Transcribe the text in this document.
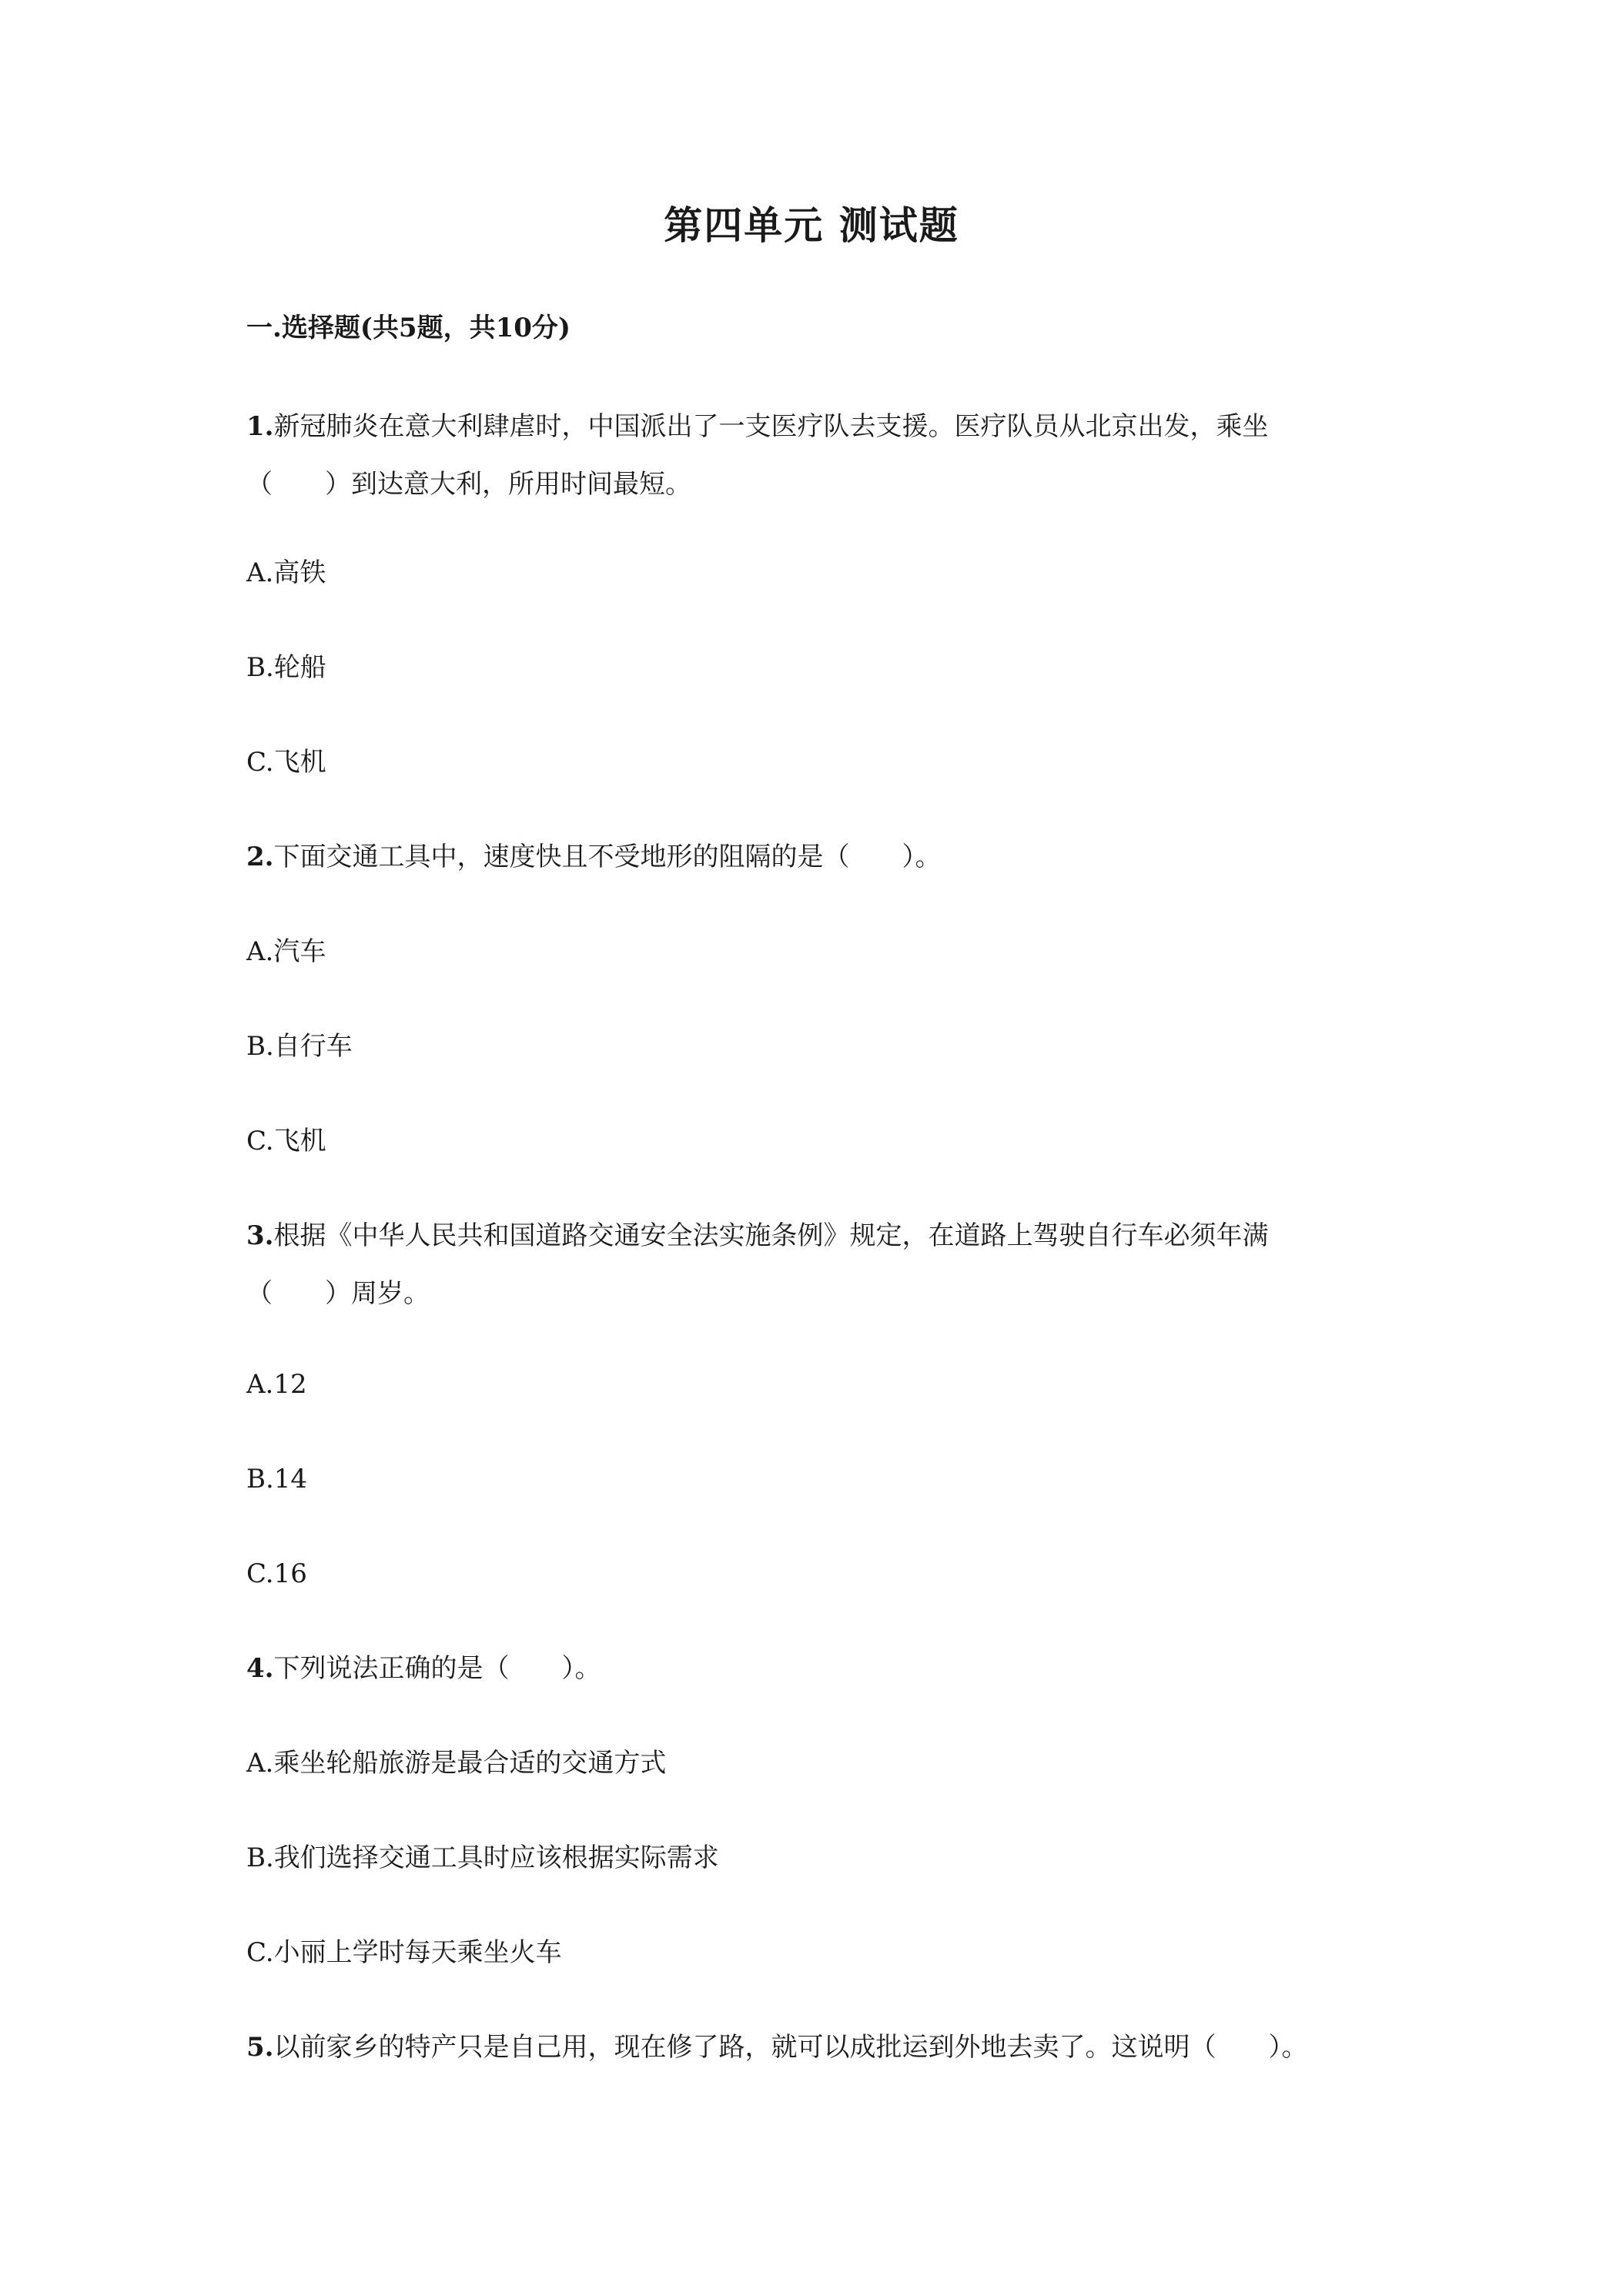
第四单元 测试题
一.选择题(共5题，共10分)
1.新冠肺炎在意大利肆虐时，中国派出了一支医疗队去支援。医疗队员从北京出发，乘坐
（　　）到达意大利，所用时间最短。
A.高铁
B.轮船
C.飞机
2.下面交通工具中，速度快且不受地形的阻隔的是（　　）。
A.汽车
B.自行车
C.飞机
3.根据《中华人民共和国道路交通安全法实施条例》规定，在道路上驾驶自行车必须年满
（　　）周岁。
A.12
B.14
C.16
4.下列说法正确的是（　　）。
A.乘坐轮船旅游是最合适的交通方式
B.我们选择交通工具时应该根据实际需求
C.小丽上学时每天乘坐火车
5.以前家乡的特产只是自己用，现在修了路，就可以成批运到外地去卖了。这说明（　　）。
